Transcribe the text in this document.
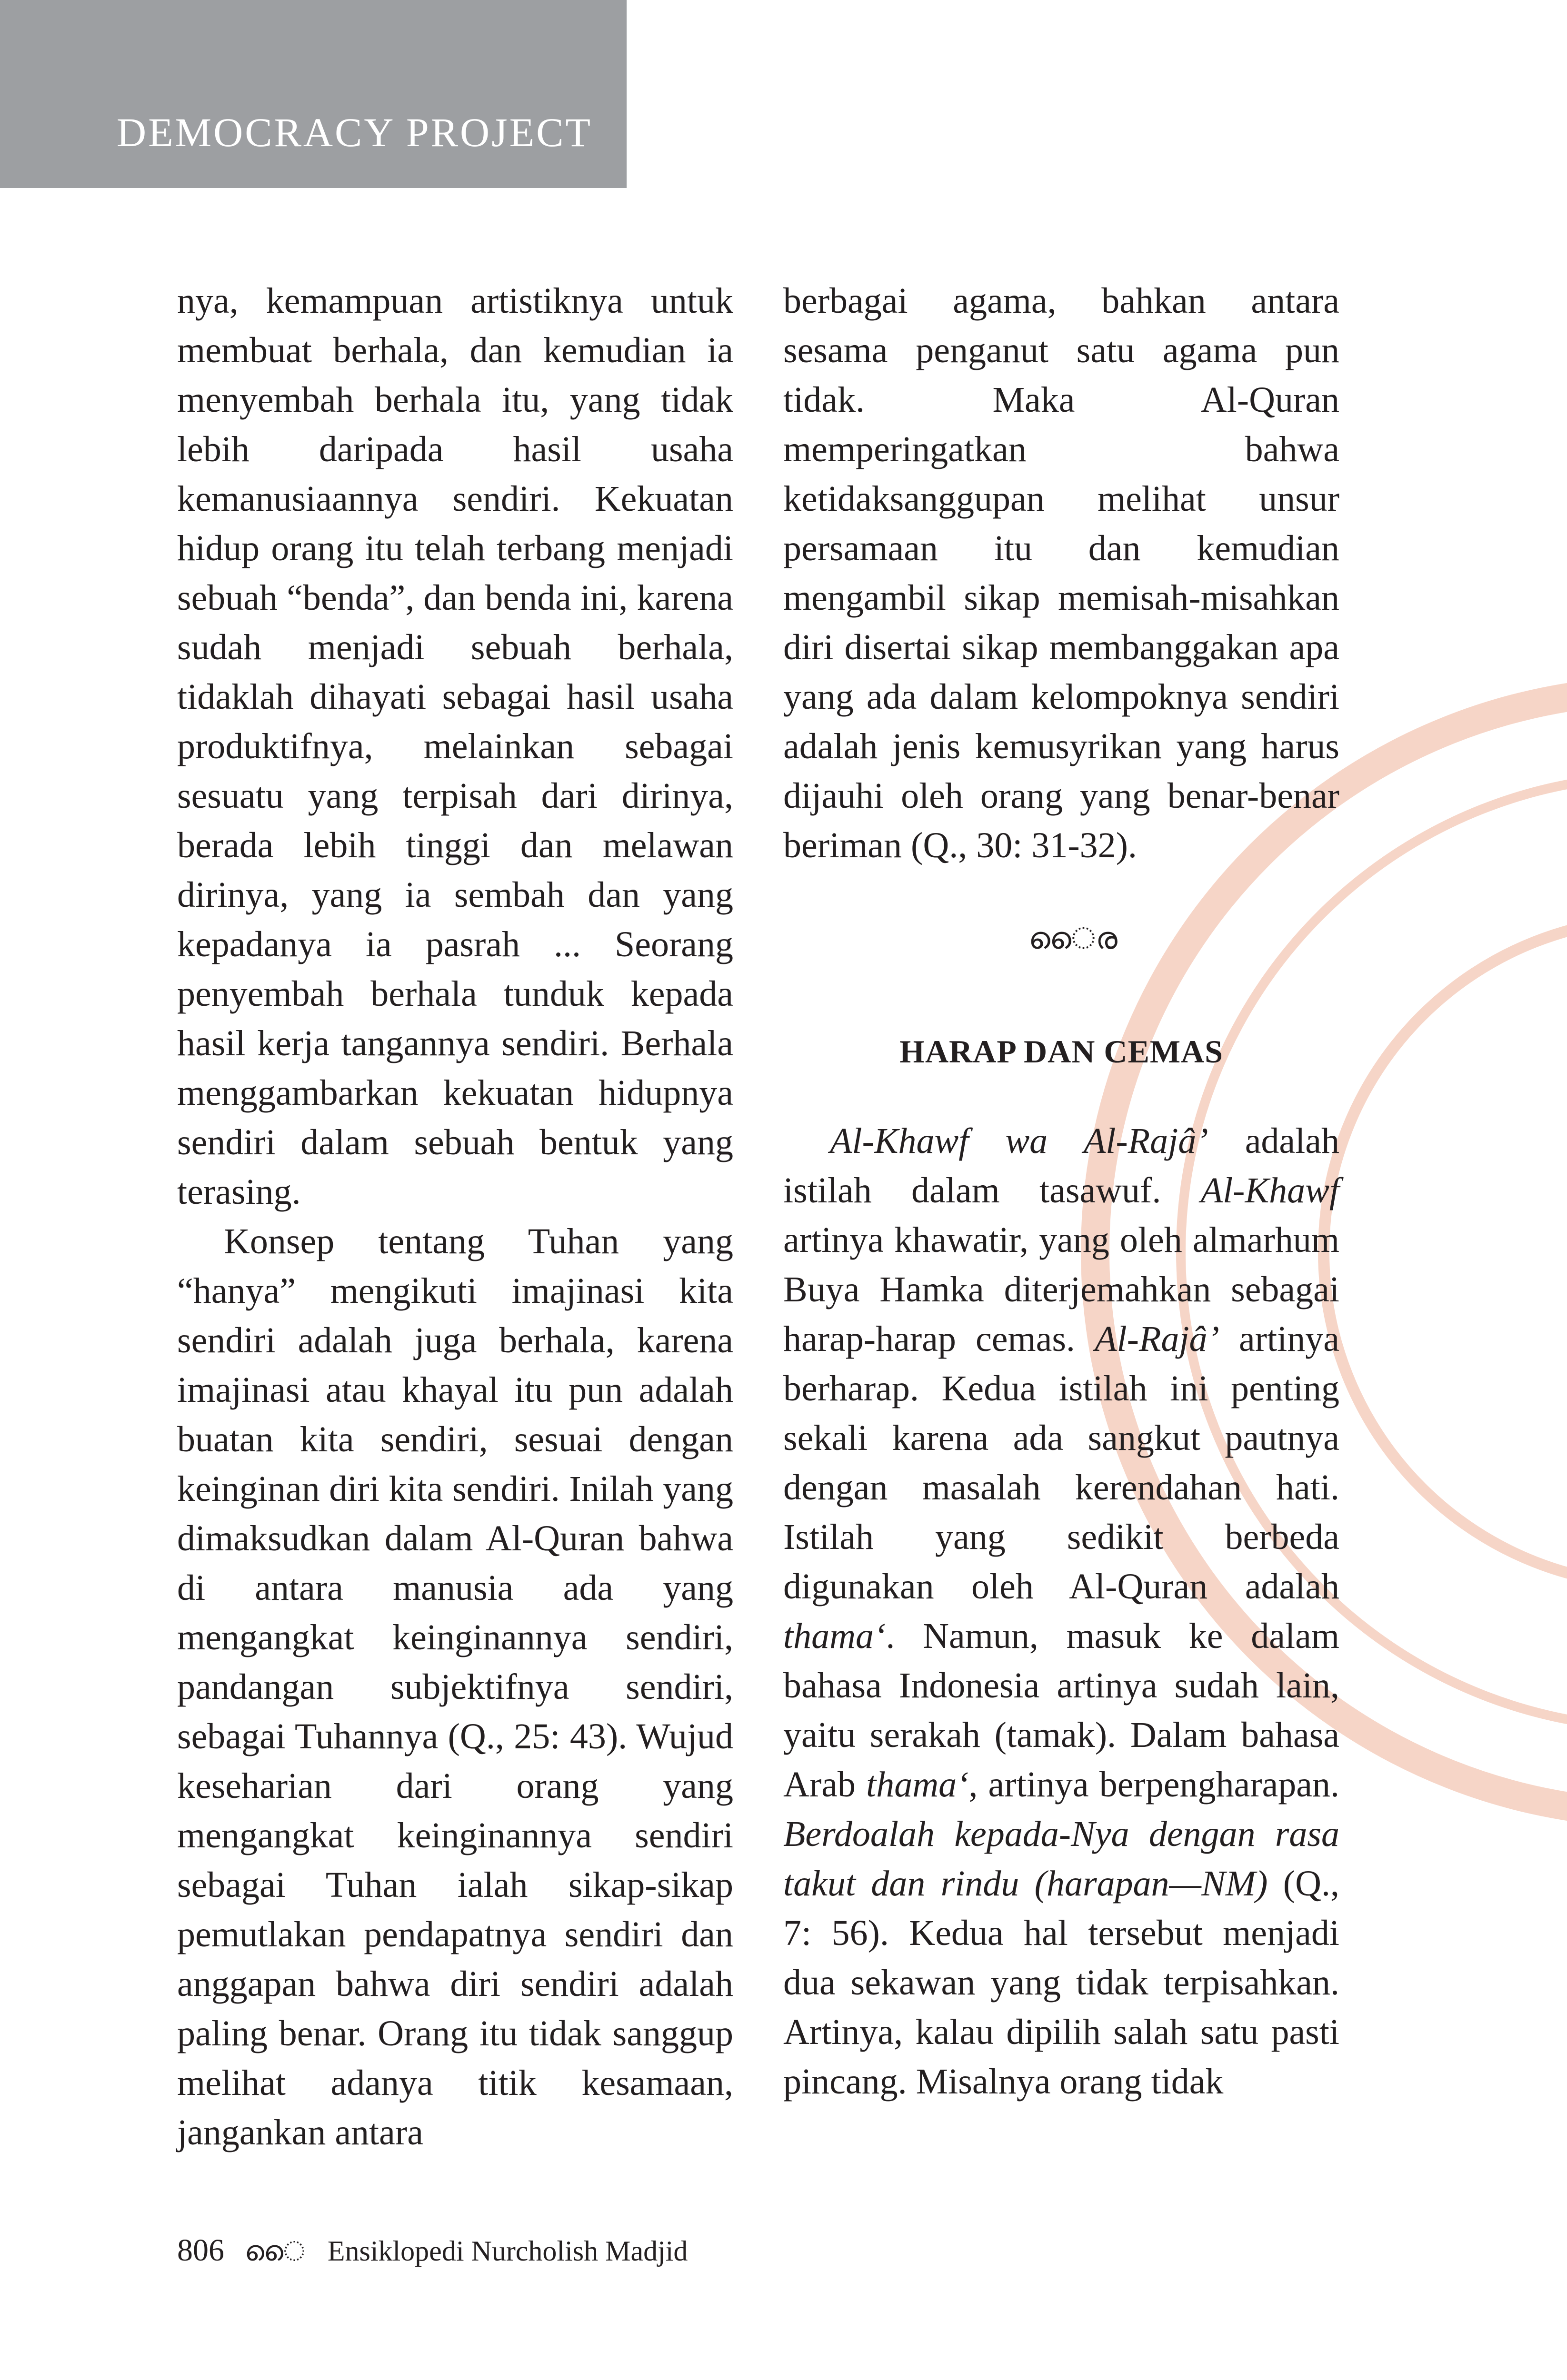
DEMOCRACY PROJECT

nya, kemampuan artistiknya untuk membuat berhala, dan kemudian ia menyembah berhala itu, yang tidak lebih daripada hasil usaha kemanusiaannya sendiri. Kekuatan hidup orang itu telah terbang menjadi sebuah “benda”, dan benda ini, karena sudah menjadi sebuah berhala, tidaklah dihayati sebagai hasil usaha produktifnya, melainkan sebagai sesuatu yang terpisah dari dirinya, berada lebih tinggi dan melawan dirinya, yang ia sembah dan yang kepadanya ia pasrah ... Seorang penyembah berhala tunduk kepada hasil kerja tangannya sendiri. Berhala menggambarkan kekuatan hidupnya sendiri dalam sebuah bentuk yang terasing.

Konsep tentang Tuhan yang “hanya” mengikuti imajinasi kita sendiri adalah juga berhala, karena imajinasi atau khayal itu pun adalah buatan kita sendiri, sesuai dengan keinginan diri kita sendiri. Inilah yang dimaksudkan dalam Al-Quran bahwa di antara manusia ada yang mengangkat keinginannya sendiri, pandangan subjektifnya sendiri, sebagai Tuhannya (Q., 25: 43). Wujud keseharian dari orang yang mengangkat keinginannya sendiri sebagai Tuhan ialah sikap-sikap pemutlakan pendapatnya sendiri dan anggapan bahwa diri sendiri adalah paling benar. Orang itu tidak sanggup melihat adanya titik kesamaan, jangankan antara

berbagai agama, bahkan antara sesama penganut satu agama pun tidak. Maka Al-Quran memperingatkan bahwa ketidaksanggupan melihat unsur persamaan itu dan kemudian mengambil sikap memisah-misahkan diri disertai sikap membanggakan apa yang ada dalam kelompoknya sendiri adalah jenis kemusyrikan yang harus dijauhi oleh orang yang benar-benar beriman (Q., 30: 31-32).

ൈര
HARAP DAN CEMAS

Al-Khawf wa Al-Rajâ’ adalah istilah dalam tasawuf. Al-Khawf artinya khawatir, yang oleh almarhum Buya Hamka diterjemahkan sebagai harap-harap cemas. Al-Rajâ’ artinya berharap. Kedua istilah ini penting sekali karena ada sangkut pautnya dengan masalah kerendahan hati. Istilah yang sedikit berbeda digunakan oleh Al-Quran adalah thama‘. Namun, masuk ke dalam bahasa Indonesia artinya sudah lain, yaitu serakah (tamak). Dalam bahasa Arab thama‘, artinya berpengharapan. Berdoalah kepada-Nya dengan rasa takut dan rindu (harapan—NM) (Q., 7: 56). Kedua hal tersebut menjadi dua sekawan yang tidak terpisahkan. Artinya, kalau dipilih salah satu pasti pincang. Misalnya orang tidak

806 ൈ Ensiklopedi Nurcholish Madjid
